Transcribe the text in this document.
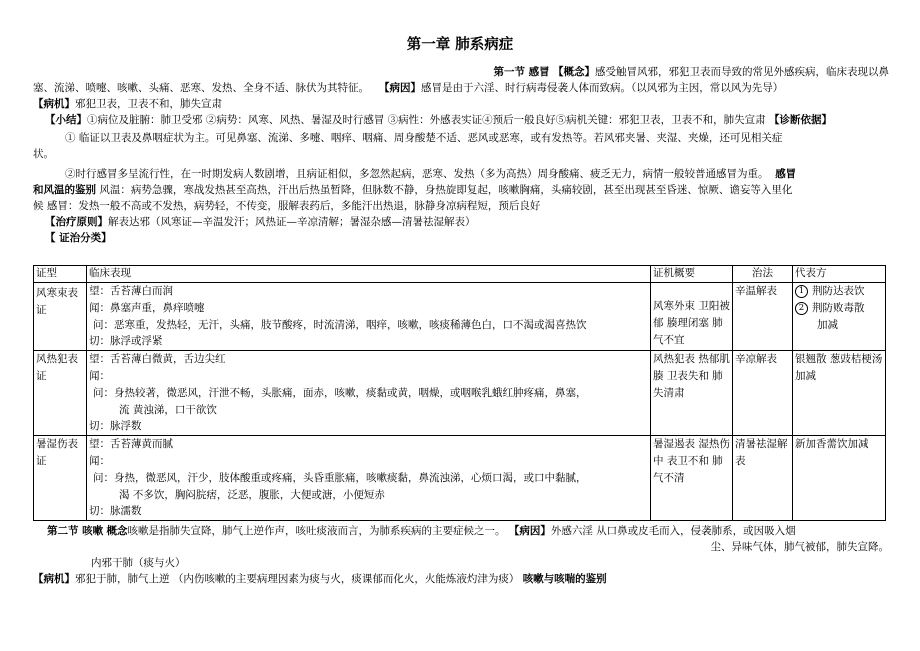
第一章 肺系病症
第一节 感冒 【概念】感受触冒风邪，邪犯卫表而导致的常见外感疾病，临床表现以鼻
塞、流涕、喷嚏、咳嗽、头痛、恶寒、发热、全身不适、脉伏为其特征。 【病因】感冒是由于六淫、时行病毒侵袭人体而致病。（以风邪为主因，常以风为先导）
【病机】邪犯卫表，卫表不和，肺失宣肃
【小结】①病位及脏腑：肺卫受邪 ②病势：风寒、风热、暑湿及时行感冒 ③病性：外感表实证④预后一般良好⑤病机关键：邪犯卫表，卫表不和，肺失宣肃 【诊断依据】
① 临证以卫表及鼻咽症状为主。可见鼻塞、流涕、多嚏、咽痒、咽痛、周身酸楚不适、恶风或恶寒，或有发热等。若风邪夹暑、夹湿、夹燥，还可见相关症
状。
②时行感冒多呈流行性，在一时期发病人数剧增，且病证相似，多忽然起病，恶寒、发热（多为高热）周身酸痛、疲乏无力，病情一般较普通感冒为重。 感冒
和风温的鉴别 风温：病势急骤，寒战发热甚至高热，汗出后热虽暂降，但脉数不静，身热旋即复起，咳嗽胸痛，头痛较剧，甚至出现甚至昏迷、惊厥、谵妄等入里化
候 感冒：发热一般不高或不发热，病势轻，不传变，服解表药后，多能汗出热退，脉静身凉病程短，预后良好
【治疗原则】解表达邪（风寒证—辛温发汗；风热证—辛凉清解；暑湿杂感—清暑祛湿解表）
【 证治分类】
证型	临床表现	证机概要	治法	代表方
风寒束表证	望：舌苔薄白而润
闻：鼻塞声重，鼻痒喷嚏
问：恶寒重，发热轻，无汗，头痛，肢节酸疼，时流清涕，咽痒，咳嗽，咳痰稀薄色白，口不渴或渴喜热饮
切：脉浮或浮紧	风寒外束 卫阳被郁 腠理闭塞 肺气不宜	辛温解表	1 荆防达表饮
2 荆防败毒散
加减

风热犯表证	望：舌苔薄白微黄，舌边尖红
闻：
问：身热较著，微恶风，汗泄不畅，头胀痛，面赤，咳嗽，痰黏或黄，咽燥，或咽喉乳蛾红肿疼痛，鼻塞，
流 黄浊涕，口干欲饮
切：脉浮数	风热犯表 热郁肌腠 卫表失和 肺失清肃	辛凉解表	银翘散 葱豉桔梗汤加减
暑湿伤表证	望：舌苔薄黄而腻
闻：
问：身热，微恶风，汗少，肢体酸重或疼痛，头昏重胀痛，咳嗽痰黏，鼻流浊涕，心烦口渴，或口中黏腻，
渴 不多饮，胸闷脘痞，泛恶，腹胀，大便或溏，小便短赤
切：脉濡数	暑湿遏表 湿热伤中 表卫不和 肺气不清	清暑祛湿解表	新加香薷饮加减
第二节 咳嗽 概念咳嗽是指肺失宣降，肺气上逆作声，咳吐痰液而言，为肺系疾病的主要症候之一。 【病因】外感六淫 从口鼻或皮毛而入，侵袭肺系，或因吸入烟
尘、异味气体，肺气被郁，肺失宣降。
内邪干肺（痰与火）
【病机】邪犯于肺，肺气上逆 （内伤咳嗽的主要病理因素为痰与火，痰课郁而化火，火能炼液灼津为痰） 咳嗽与咳喘的鉴别
